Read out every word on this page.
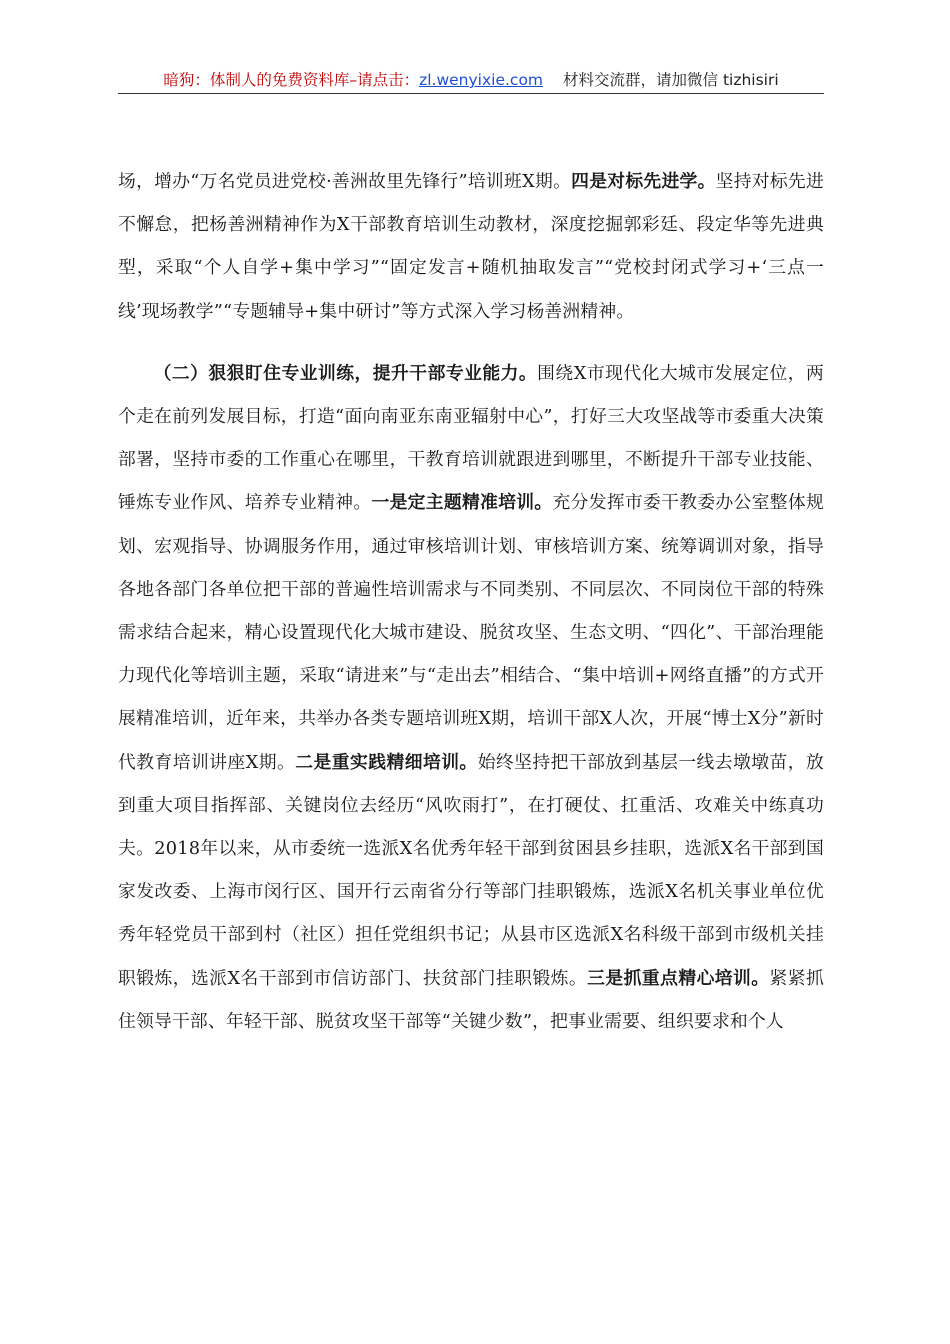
暗狗：体制人的免费资料库–请点击：zl.wenyixie.com 材料交流群，请加微信 tizhisiri

场，增办“万名党员进党校·善洲故里先锋行”培训班X期。四是对标先进学。坚持对标先进不懈怠，把杨善洲精神作为X干部教育培训生动教材，深度挖掘郭彩廷、段定华等先进典型，采取“个人自学+集中学习”“固定发言+随机抽取发言”“党校封闭式学习+‘三点一线’现场教学”“专题辅导+集中研讨”等方式深入学习杨善洲精神。

（二）狠狠盯住专业训练，提升干部专业能力。围绕X市现代化大城市发展定位，两个走在前列发展目标，打造“面向南亚东南亚辐射中心”，打好三大攻坚战等市委重大决策部署，坚持市委的工作重心在哪里，干教育培训就跟进到哪里，不断提升干部专业技能、锤炼专业作风、培养专业精神。一是定主题精准培训。充分发挥市委干教委办公室整体规划、宏观指导、协调服务作用，通过审核培训计划、审核培训方案、统筹调训对象，指导各地各部门各单位把干部的普遍性培训需求与不同类别、不同层次、不同岗位干部的特殊需求结合起来，精心设置现代化大城市建设、脱贫攻坚、生态文明、“四化”、干部治理能力现代化等培训主题，采取“请进来”与“走出去”相结合、“集中培训+网络直播”的方式开展精准培训，近年来，共举办各类专题培训班X期，培训干部X人次，开展“博士X分”新时代教育培训讲座X期。二是重实践精细培训。始终坚持把干部放到基层一线去墩墩苗，放到重大项目指挥部、关键岗位去经历“风吹雨打”，在打硬仗、扛重活、攻难关中练真功夫。2018年以来，从市委统一选派X名优秀年轻干部到贫困县乡挂职，选派X名干部到国家发改委、上海市闵行区、国开行云南省分行等部门挂职锻炼，选派X名机关事业单位优秀年轻党员干部到村（社区）担任党组织书记；从县市区选派X名科级干部到市级机关挂职锻炼，选派X名干部到市信访部门、扶贫部门挂职锻炼。三是抓重点精心培训。紧紧抓住领导干部、年轻干部、脱贫攻坚干部等“关键少数”，把事业需要、组织要求和个人
